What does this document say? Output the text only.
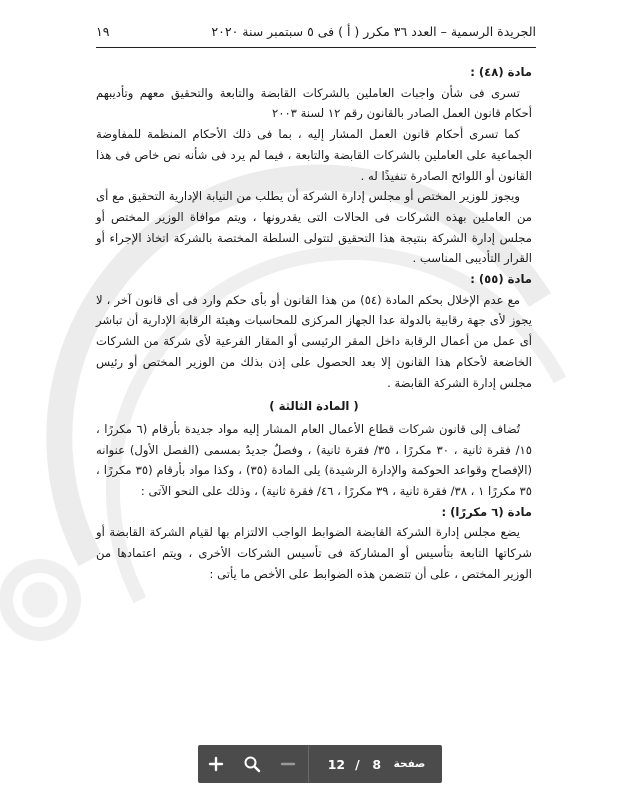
الجريدة الرسمية – العدد ٣٦ مكرر ( أ ) فى ٥ سبتمبر سنة ٢٠٢٠
١٩

مادة (٤٨) :

تسرى فى شأن واجبات العاملين بالشركات القابضة والتابعة والتحقيق معهم وتأديبهم أحكام قانون العمل الصادر بالقانون رقم ١٢ لسنة ٢٠٠٣

كما تسرى أحكام قانون العمل المشار إليه ، بما فى ذلك الأحكام المنظمة للمفاوضة الجماعية على العاملين بالشركات القابضة والتابعة ، فيما لم يرد فى شأنه نص خاص فى هذا القانون أو اللوائح الصادرة تنفيذًا له .

ويجوز للوزير المختص أو مجلس إدارة الشركة أن يطلب من النيابة الإدارية التحقيق مع أى من العاملين بهذه الشركات فى الحالات التى يقدرونها ، ويتم موافاة الوزير المختص أو مجلس إدارة الشركة بنتيجة هذا التحقيق لتتولى السلطة المختصة بالشركة اتخاذ الإجراء أو القرار التأديبى المناسب .

مادة (٥٥) :

مع عدم الإخلال بحكم المادة (٥٤) من هذا القانون أو بأى حكم وارد فى أى قانون آخر ، لا يجوز لأى جهة رقابية بالدولة عدا الجهاز المركزى للمحاسبات وهيئة الرقابة الإدارية أن تباشر أى عمل من أعمال الرقابة داخل المقر الرئيسى أو المقار الفرعية لأى شركة من الشركات الخاضعة لأحكام هذا القانون إلا بعد الحصول على إذن بذلك من الوزير المختص أو رئيس مجلس إدارة الشركة القابضة .

( المادة الثالثة )

تُضاف إلى قانون شركات قطاع الأعمال العام المشار إليه مواد جديدة بأرقام (٦ مكررًا ، ١٥/ فقرة ثانية ، ٣٠ مكررًا ، ٣٥/ فقرة ثانية) ، وفصلٌ جديدٌ بمسمى (الفصل الأول) عنوانه (الإفصاح وقواعد الحوكمة والإدارة الرشيدة) يلى المادة (٣٥) ، وكذا مواد بأرقام (٣٥ مكررًا ، ٣٥ مكررًا ١ ، ٣٨/ فقرة ثانية ، ٣٩ مكررًا ، ٤٦/ فقرة ثانية) ، وذلك على النحو الآتى :

مادة (٦ مكررًا) :

يضع مجلس إدارة الشركة القابضة الضوابط الواجب الالتزام بها لقيام الشركة القابضة أو شركاتها التابعة بتأسيس أو المشاركة فى تأسيس الشركات الأخرى ، ويتم اعتمادها من الوزير المختص ، على أن تتضمن هذه الضوابط على الأخص ما يأتى :

12 / 8 صفحة
